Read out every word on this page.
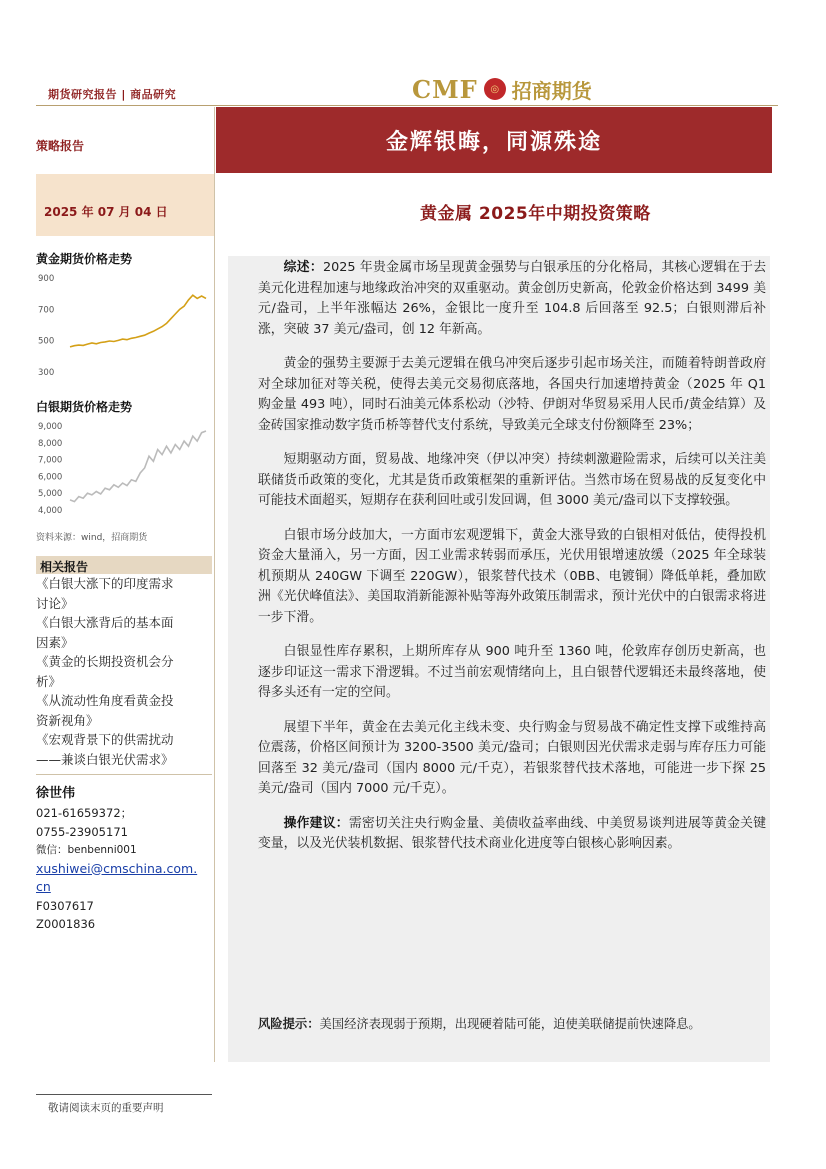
期货研究报告 | 商品研究	CMF	◎ 招商期货
策略报告	金辉银晦，同源殊途
2025 年 07 月 04 日	黄金属 2025年中期投资策略
黄金期货价格走势
300
500
700
900
白银期货价格走势
4,000
5,000
6,000
7,000
8,000
9,000
资料来源：wind，招商期货
相关报告
《白银大涨下的印度需求
讨论》
《白银大涨背后的基本面
因素》
《黄金的长期投资机会分
析》
《从流动性角度看黄金投
资新视角》
《宏观背景下的供需扰动
——兼谈白银光伏需求》
徐世伟
021-61659372；
0755-23905171
微信：benbenni001
xushiwei@cmschina.com.
cn
F0307617
Z0001836

综述：2025 年贵金属市场呈现黄金强势与白银承压的分化格局，其核心逻辑在于去美元化进程加速与地缘政治冲突的双重驱动。黄金创历史新高，伦敦金价格达到 3499 美元/盎司，上半年涨幅达 26%，金银比一度升至 104.8 后回落至 92.5；白银则滞后补涨，突破 37 美元/盎司，创 12 年新高。

黄金的强势主要源于去美元逻辑在俄乌冲突后逐步引起市场关注，而随着特朗普政府对全球加征对等关税，使得去美元交易彻底落地，各国央行加速增持黄金（2025 年 Q1 购金量 493 吨），同时石油美元体系松动（沙特、伊朗对华贸易采用人民币/黄金结算）及金砖国家推动数字货币桥等替代支付系统，导致美元全球支付份额降至 23%；

短期驱动方面，贸易战、地缘冲突（伊以冲突）持续刺激避险需求，后续可以关注美联储货币政策的变化，尤其是货币政策框架的重新评估。当然市场在贸易战的反复变化中可能技术面超买，短期存在获利回吐或引发回调，但 3000 美元/盎司以下支撑较强。

白银市场分歧加大，一方面市宏观逻辑下，黄金大涨导致的白银相对低估，使得投机资金大量涌入，另一方面，因工业需求转弱而承压，光伏用银增速放缓（2025 年全球装机预期从 240GW 下调至 220GW），银浆替代技术（0BB、电镀铜）降低单耗，叠加欧洲《光伏峰值法》、美国取消新能源补贴等海外政策压制需求，预计光伏中的白银需求将进一步下滑。

白银显性库存累积，上期所库存从 900 吨升至 1360 吨，伦敦库存创历史新高，也逐步印证这一需求下滑逻辑。不过当前宏观情绪向上，且白银替代逻辑还未最终落地，使得多头还有一定的空间。

展望下半年，黄金在去美元化主线未变、央行购金与贸易战不确定性支撑下或维持高位震荡，价格区间预计为 3200-3500 美元/盎司；白银则因光伏需求走弱与库存压力可能回落至 32 美元/盎司（国内 8000 元/千克），若银浆替代技术落地，可能进一步下探 25 美元/盎司（国内 7000 元/千克）。

操作建议：需密切关注央行购金量、美债收益率曲线、中美贸易谈判进展等黄金关键变量，以及光伏装机数据、银浆替代技术商业化进度等白银核心影响因素。

风险提示：美国经济表现弱于预期，出现硬着陆可能，迫使美联储提前快速降息。
敬请阅读末页的重要声明
